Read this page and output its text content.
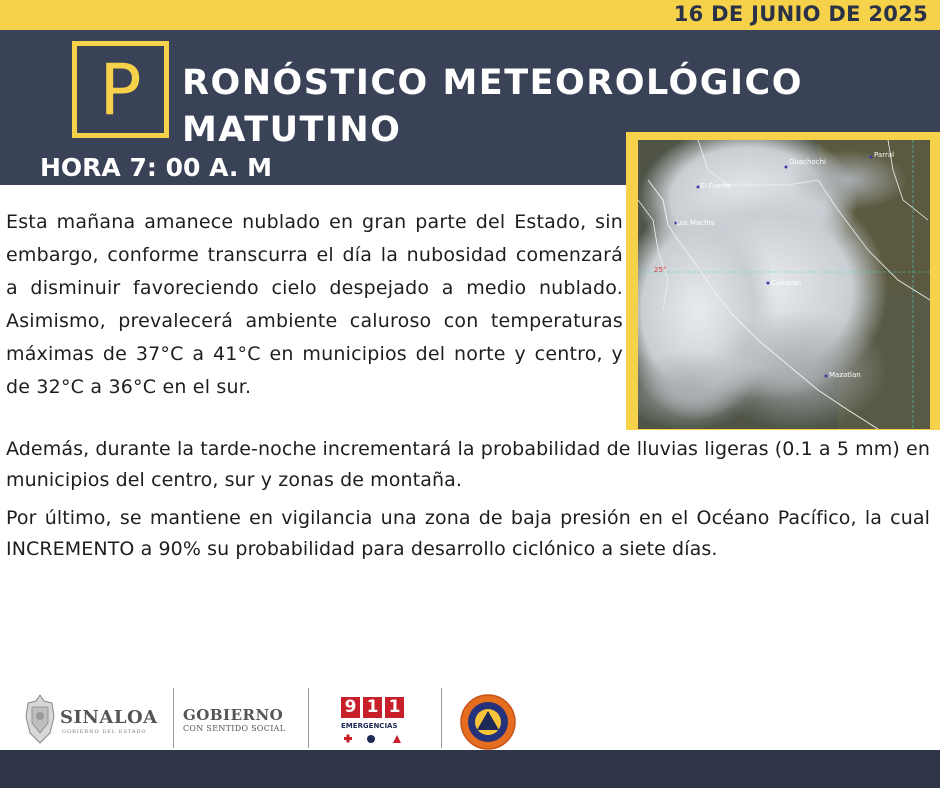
16 DE JUNIO DE 2025
P	RONÓSTICO METEOROLÓGICO
MATUTINO
HORA 7: 00 A. M	Guachochi
Parral
El Fuerte
Los Mochis
Culiacan
Mazatlan
25°

Esta mañana amanece nublado en gran parte del Estado, sin embargo, conforme transcurra el día la nubosidad comenzará a disminuir favoreciendo cielo despejado a medio nublado. Asimismo, prevalecerá ambiente caluroso con temperaturas máximas de 37°C a 41°C en municipios del norte y centro, y de 32°C a 36°C en el sur.

Además, durante la tarde-noche incrementará la probabilidad de lluvias ligeras (0.1 a 5 mm) en municipios del centro, sur y zonas de montaña.

Por último, se mantiene en vigilancia una zona de baja presión en el Océano Pacífico, la cual INCREMENTO a 90% su probabilidad para desarrollo ciclónico a siete días.

SINALOA
GOBIERNO DEL ESTADO
GOBIERNO
CON SENTIDO SOCIAL
9 1 1
EMERGENCIAS
